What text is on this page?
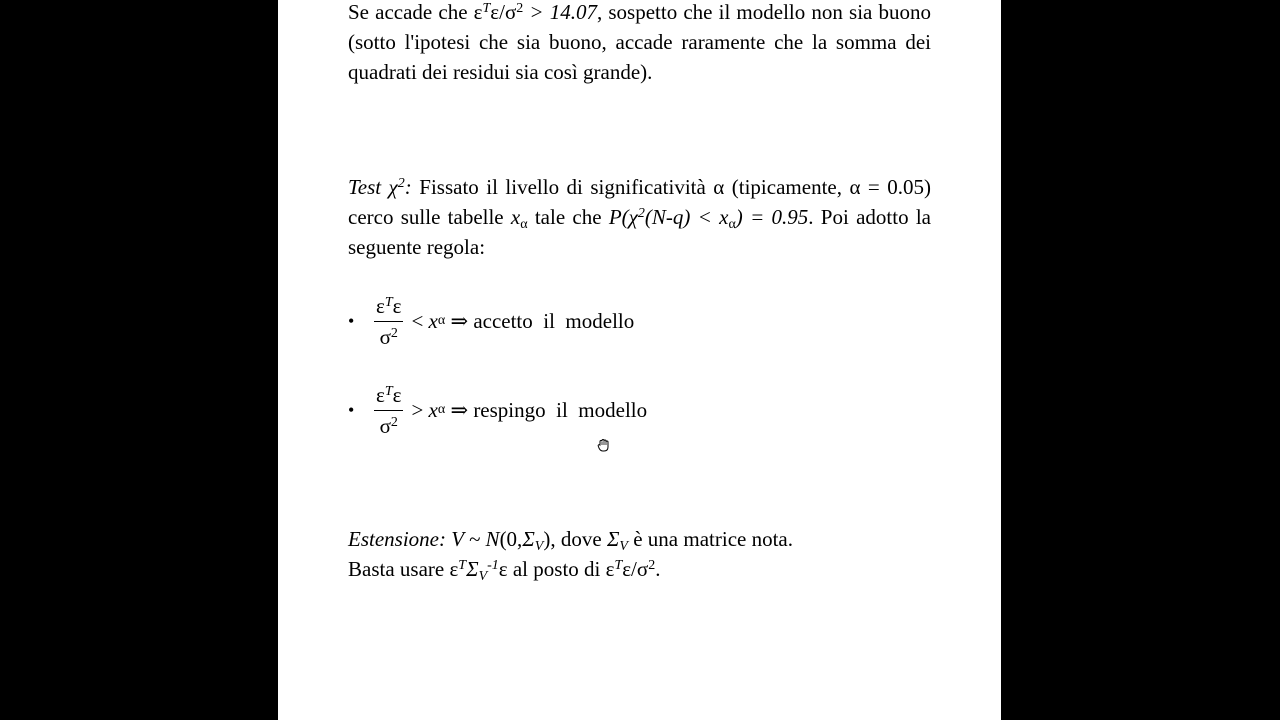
Se accade che $\varepsilon^T\varepsilon/\sigma^2 > 14.07$, sospetto che il modello non sia buono (sotto l'ipotesi che sia buono, accade raramente che la somma dei quadrati dei residui sia così grande).

Test $\chi^2$: Fissato il livello di significatività α (tipicamente, α = 0.05) cerco sulle tabelle $x_\alpha$ tale che $P(\chi^2(N-q) < x_\alpha) = 0.95$. Poi adotto la seguente regola:

• $\frac{\varepsilon^T\varepsilon}{\sigma^2}$ <
x α
⇒ accetto  il  modello
• $\frac{\varepsilon^T\varepsilon}{\sigma^2}$ >
x α
⇒ respingo  il  modello
Estensione: V ~ $N(0,\Sigma_V)$, dove $\Sigma_V$ è una matrice nota.
Basta usare $\varepsilon^T\Sigma_V^{-1}\varepsilon$ al posto di $\varepsilon^T\varepsilon/\sigma^2$.
